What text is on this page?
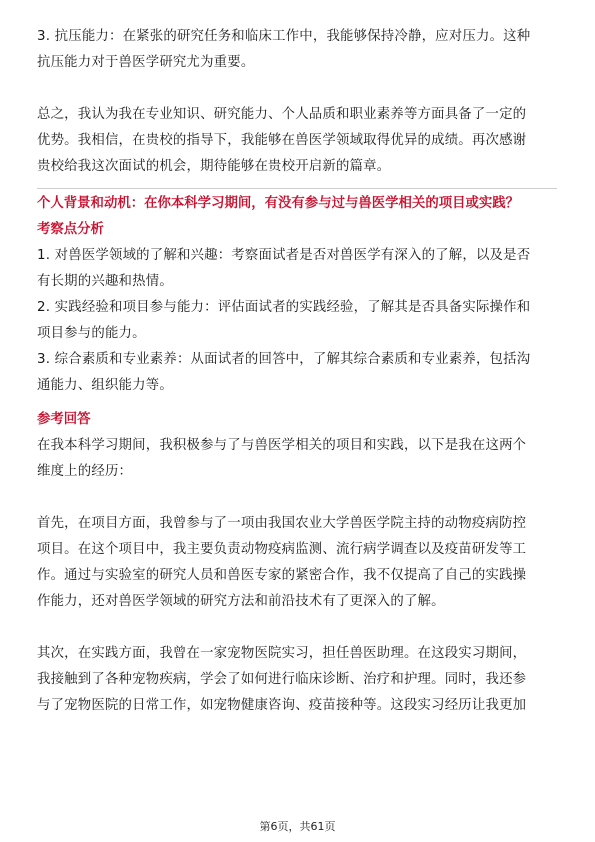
3. 抗压能力：在紧张的研究任务和临床工作中，我能够保持冷静，应对压力。这种
抗压能力对于兽医学研究尤为重要。
总之，我认为我在专业知识、研究能力、个人品质和职业素养等方面具备了一定的
优势。我相信，在贵校的指导下，我能够在兽医学领域取得优异的成绩。再次感谢
贵校给我这次面试的机会，期待能够在贵校开启新的篇章。
个人背景和动机：在你本科学习期间，有没有参与过与兽医学相关的项目或实践？
考察点分析
1. 对兽医学领域的了解和兴趣：考察面试者是否对兽医学有深入的了解，以及是否
有长期的兴趣和热情。
2. 实践经验和项目参与能力：评估面试者的实践经验，了解其是否具备实际操作和
项目参与的能力。
3. 综合素质和专业素养：从面试者的回答中，了解其综合素质和专业素养，包括沟
通能力、组织能力等。
参考回答
在我本科学习期间，我积极参与了与兽医学相关的项目和实践，以下是我在这两个
维度上的经历：
首先，在项目方面，我曾参与了一项由我国农业大学兽医学院主持的动物疫病防控
项目。在这个项目中，我主要负责动物疫病监测、流行病学调查以及疫苗研发等工
作。通过与实验室的研究人员和兽医专家的紧密合作，我不仅提高了自己的实践操
作能力，还对兽医学领域的研究方法和前沿技术有了更深入的了解。
其次，在实践方面，我曾在一家宠物医院实习，担任兽医助理。在这段实习期间，
我接触到了各种宠物疾病，学会了如何进行临床诊断、治疗和护理。同时，我还参
与了宠物医院的日常工作，如宠物健康咨询、疫苗接种等。这段实习经历让我更加
第6页，共61页
